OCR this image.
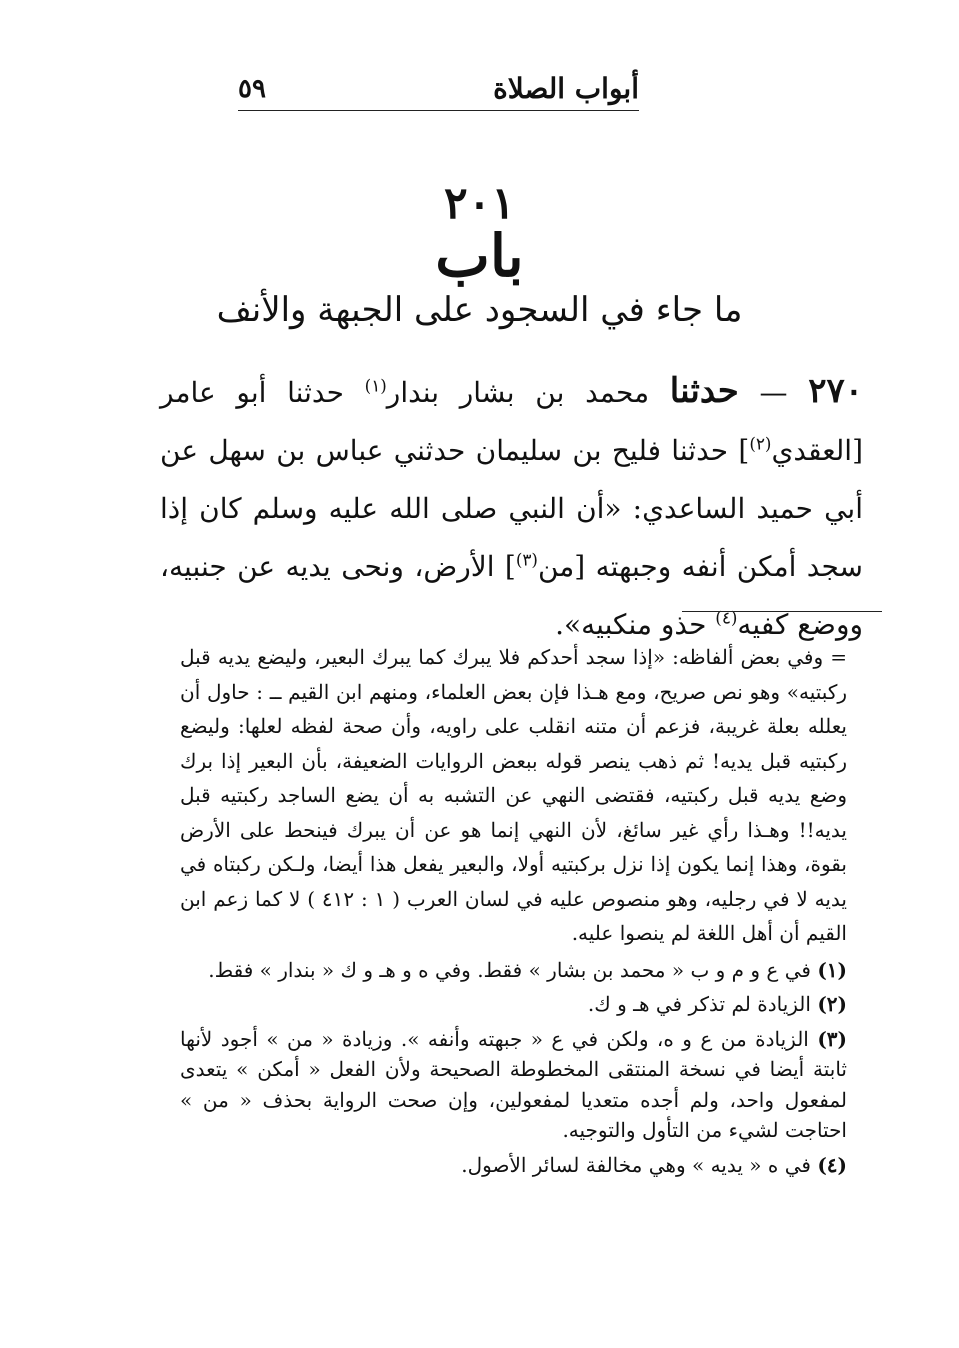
٥٩	أبواب الصلاة
٢٠١
باب
ما جاء في السجود على الجبهة والأنف
٢٧٠ — حدثنا محمد بن بشار بندار$^{(١)}$ حدثنا أبو عامر [العقدي$^{(٢)}$] حدثنا فليح بن سليمان حدثني عباس بن سهل عن أبي حميد الساعدي: «أن النبي صلى الله عليه وسلم كان إذا سجد أمكن أنفه وجبهته [من$^{(٣)}$] الأرض، ونحى يديه عن جنبيه، ووضع كفيه$^{(٤)}$ حذو منكبيه».
= وفي بعض ألفاظه: «إذا سجد أحدكم فلا يبرك كما يبرك البعير، وليضع يديه قبل ركبتيه» وهو نص صريح، ومع هـذا فإن بعض العلماء، ومنهم ابن القيم ــ : حاول أن يعلله بعلة غريبة، فزعم أن متنه انقلب على راويه، وأن صحة لفظه لعلها: وليضع ركبتيه قبل يديه! ثم ذهب ينصر قوله ببعض الروايات الضعيفة، بأن البعير إذا برك وضع يديه قبل ركبتيه، فقتضى النهي عن التشبه به أن يضع الساجد ركبتيه قبل يديه!! وهـذا رأي غير سائغ، لأن النهي إنما هو عن أن يبرك فينحط على الأرض بقوة، وهذا إنما يكون إذا نزل بركبتيه أولا، والبعير يفعل هذا أيضا، ولـكن ركبتاه في يديه لا في رجليه، وهو منصوص عليه في لسان العرب ( ١ : ٤١٢ ) لا كما زعم ابن القيم أن أهل اللغة لم ينصوا عليه.
(١) في ع و م و ب « محمد بن بشار » فقط. وفي ه و هـ و ك « بندار » فقط.
(٢) الزيادة لم تذكر في هـ و ك.
(٣) الزيادة من ع و ه، ولكن في ع « جبهته وأنفه ». وزيادة « من » أجود لأنها ثابتة أيضا في نسخة المنتقى المخطوطة الصحيحة ولأن الفعل « أمكن » يتعدى لمفعول واحد، ولم أجده متعديا لمفعولين، وإن صحت الرواية بحذف « من » احتاجت لشيء من التأول والتوجيه.
(٤) في ه « يديه » وهي مخالفة لسائر الأصول.
